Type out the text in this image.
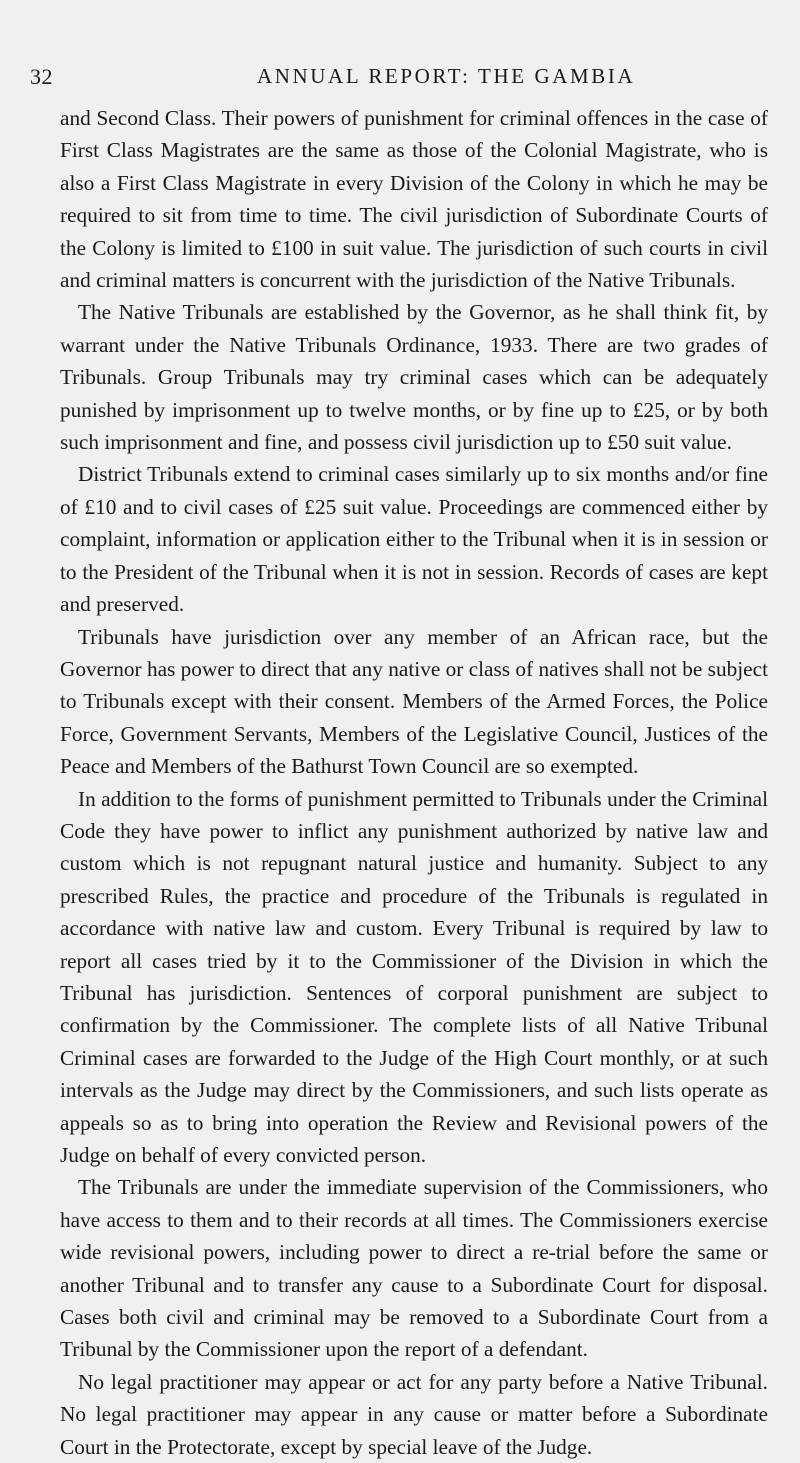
32	ANNUAL REPORT: THE GAMBIA

and Second Class. Their powers of punishment for criminal offences in the case of First Class Magistrates are the same as those of the Colonial Magistrate, who is also a First Class Magistrate in every Division of the Colony in which he may be required to sit from time to time. The civil jurisdiction of Subordinate Courts of the Colony is limited to £100 in suit value. The jurisdiction of such courts in civil and criminal matters is concurrent with the jurisdiction of the Native Tribunals.

The Native Tribunals are established by the Governor, as he shall think fit, by warrant under the Native Tribunals Ordinance, 1933. There are two grades of Tribunals. Group Tribunals may try criminal cases which can be adequately punished by imprisonment up to twelve months, or by fine up to £25, or by both such imprisonment and fine, and possess civil jurisdiction up to £50 suit value.

District Tribunals extend to criminal cases similarly up to six months and/or fine of £10 and to civil cases of £25 suit value. Proceedings are commenced either by complaint, information or application either to the Tribunal when it is in session or to the President of the Tribunal when it is not in session. Records of cases are kept and preserved.

Tribunals have jurisdiction over any member of an African race, but the Governor has power to direct that any native or class of natives shall not be subject to Tribunals except with their consent. Members of the Armed Forces, the Police Force, Government Servants, Members of the Legislative Council, Justices of the Peace and Members of the Bathurst Town Council are so exempted.

In addition to the forms of punishment permitted to Tribunals under the Criminal Code they have power to inflict any punishment authorized by native law and custom which is not repugnant natural justice and humanity. Subject to any prescribed Rules, the practice and procedure of the Tribunals is regulated in accordance with native law and custom. Every Tribunal is required by law to report all cases tried by it to the Commissioner of the Division in which the Tribunal has jurisdiction. Sentences of corporal punishment are subject to confirmation by the Commissioner. The complete lists of all Native Tribunal Criminal cases are forwarded to the Judge of the High Court monthly, or at such intervals as the Judge may direct by the Commissioners, and such lists operate as appeals so as to bring into operation the Review and Revisional powers of the Judge on behalf of every convicted person.

The Tribunals are under the immediate supervision of the Commissioners, who have access to them and to their records at all times. The Commissioners exercise wide revisional powers, including power to direct a re-trial before the same or another Tribunal and to transfer any cause to a Subordinate Court for disposal. Cases both civil and criminal may be removed to a Subordinate Court from a Tribunal by the Commissioner upon the report of a defendant.

No legal practitioner may appear or act for any party before a Native Tribunal. No legal practitioner may appear in any cause or matter before a Subordinate Court in the Protectorate, except by special leave of the Judge.
